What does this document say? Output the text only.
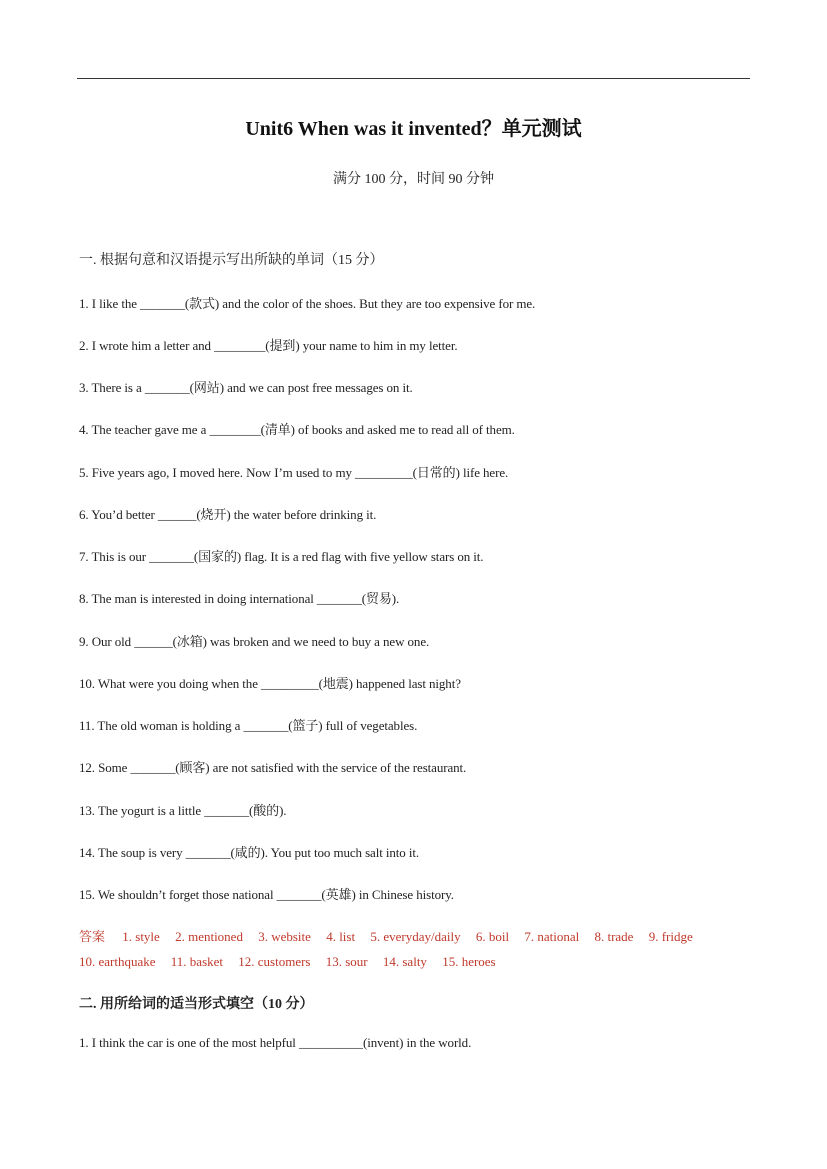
Unit6 When was it invented？单元测试
满分 100 分，时间 90 分钟
一. 根据句意和汉语提示写出所缺的单词（15 分）
1. I like the _______(款式) and the color of the shoes. But they are too expensive for me.
2. I wrote him a letter and ________(提到) your name to him in my letter.
3. There is a _______(网站) and we can post free messages on it.
4. The teacher gave me a ________(清单) of books and asked me to read all of them.
5. Five years ago, I moved here. Now I’m used to my _________(日常的) life here.
6. You’d better ______(烧开) the water before drinking it.
7. This is our _______(国家的) flag. It is a red flag with five yellow stars on it.
8. The man is interested in doing international _______(贸易).
9. Our old ______(冰箱) was broken and we need to buy a new one.
10. What were you doing when the _________(地震) happened last night?
11. The old woman is holding a _______(篮子) full of vegetables.
12. Some _______(顾客) are not satisfied with the service of the restaurant.
13. The yogurt is a little _______(酸的).
14. The soup is very _______(咸的). You put too much salt into it.
15. We shouldn’t forget those national _______(英雄) in Chinese history.
答案 1. style 2. mentioned 3. website 4. list 5. everyday/daily 6. boil 7. national 8. trade 9. fridge
10. earthquake 11. basket 12. customers 13. sour 14. salty 15. heroes
二. 用所给词的适当形式填空（10 分）
1. I think the car is one of the most helpful __________(invent) in the world.
